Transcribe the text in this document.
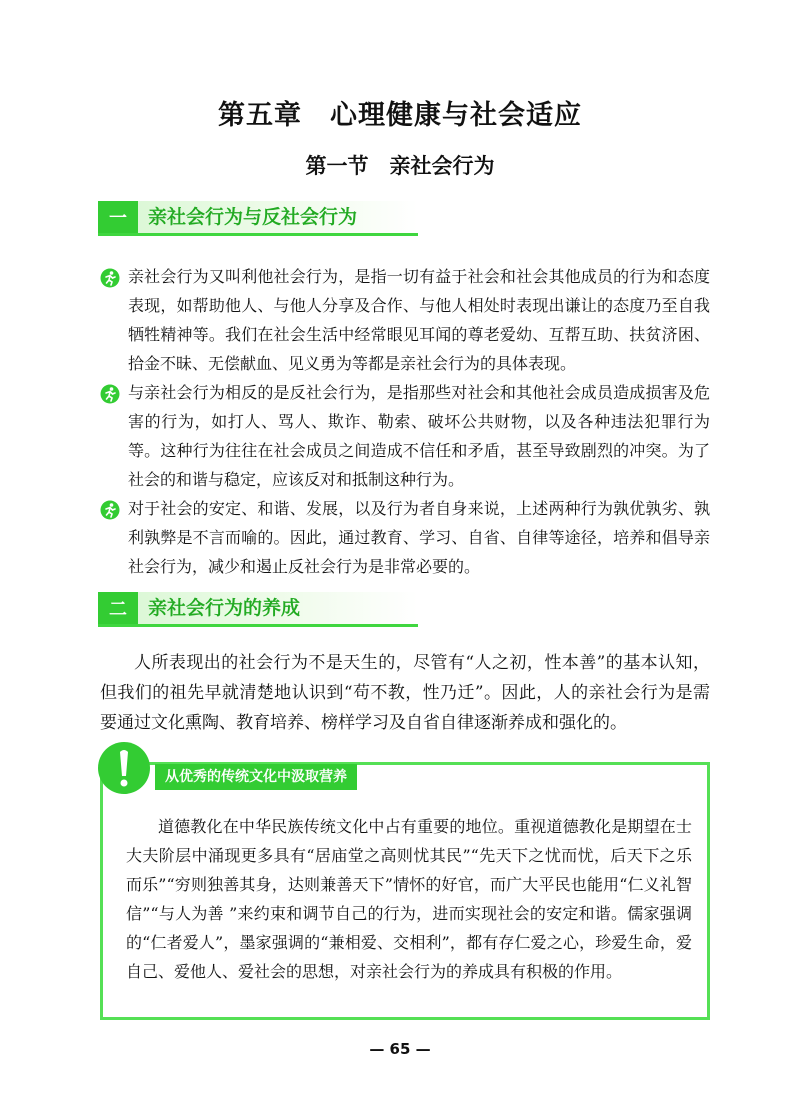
第五章　心理健康与社会适应
第一节　亲社会行为
一	亲社会行为与反社会行为
亲社会行为又叫利他社会行为，是指一切有益于社会和社会其他成员的行为和态度表现，如帮助他人、与他人分享及合作、与他人相处时表现出谦让的态度乃至自我牺牲精神等。我们在社会生活中经常眼见耳闻的尊老爱幼、互帮互助、扶贫济困、拾金不昧、无偿献血、见义勇为等都是亲社会行为的具体表现。
与亲社会行为相反的是反社会行为，是指那些对社会和其他社会成员造成损害及危害的行为，如打人、骂人、欺诈、勒索、破坏公共财物，以及各种违法犯罪行为等。这种行为往往在社会成员之间造成不信任和矛盾，甚至导致剧烈的冲突。为了社会的和谐与稳定，应该反对和抵制这种行为。
对于社会的安定、和谐、发展，以及行为者自身来说，上述两种行为孰优孰劣、孰利孰弊是不言而喻的。因此，通过教育、学习、自省、自律等途径，培养和倡导亲社会行为，减少和遏止反社会行为是非常必要的。
二	亲社会行为的养成
人所表现出的社会行为不是天生的，尽管有“人之初，性本善”的基本认知，但我们的祖先早就清楚地认识到“苟不教，性乃迁”。因此，人的亲社会行为是需要通过文化熏陶、教育培养、榜样学习及自省自律逐渐养成和强化的。
从优秀的传统文化中汲取营养
道德教化在中华民族传统文化中占有重要的地位。重视道德教化是期望在士大夫阶层中涌现更多具有“居庙堂之高则忧其民”“先天下之忧而忧，后天下之乐而乐”“穷则独善其身，达则兼善天下”情怀的好官，而广大平民也能用“仁义礼智信”“与人为善 ”来约束和调节自己的行为，进而实现社会的安定和谐。儒家强调的“仁者爱人”，墨家强调的“兼相爱、交相利”，都有存仁爱之心，珍爱生命，爱自己、爱他人、爱社会的思想，对亲社会行为的养成具有积极的作用。
— 65 —
